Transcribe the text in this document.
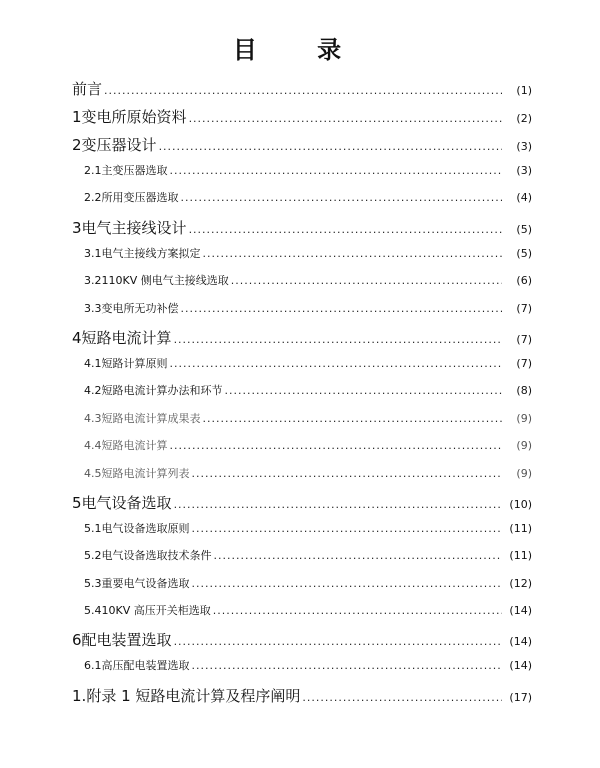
目 录
前言 .....	(1)
1 变电所原始资料 .....	(2)
2 变压器设计 .....	(3)
2.1 主变压器选取 .....	(3)
2.2 所用变压器选取 .....	(4)
3 电气主接线设计 .....	(5)
3.1 电气主接线方案拟定 .....	(5)
3.2 110KV 侧电气主接线选取 .....	(6)
3.3 变电所无功补偿 .....	(7)
4 短路电流计算 .....	(7)
4.1 短路计算原则 .....	(7)
4.2 短路电流计算办法和环节 .....	(8)
4.3 短路电流计算成果表 .....	(9)
4.4 短路电流计算 .....	(9)
4.5 短路电流计算列表 .....	(9)
5 电气设备选取 .....	(10)
5.1 电气设备选取原则 .....	(11)
5.2 电气设备选取技术条件 .....	(11)
5.3 重要电气设备选取 .....	(12)
5.4 10KV 高压开关柜选取 .....	(14)
6 配电装置选取 .....	(14)
6.1 高压配电装置选取 .....	(14)
1. 附录 1 短路电流计算及程序阐明 .....	(17)
